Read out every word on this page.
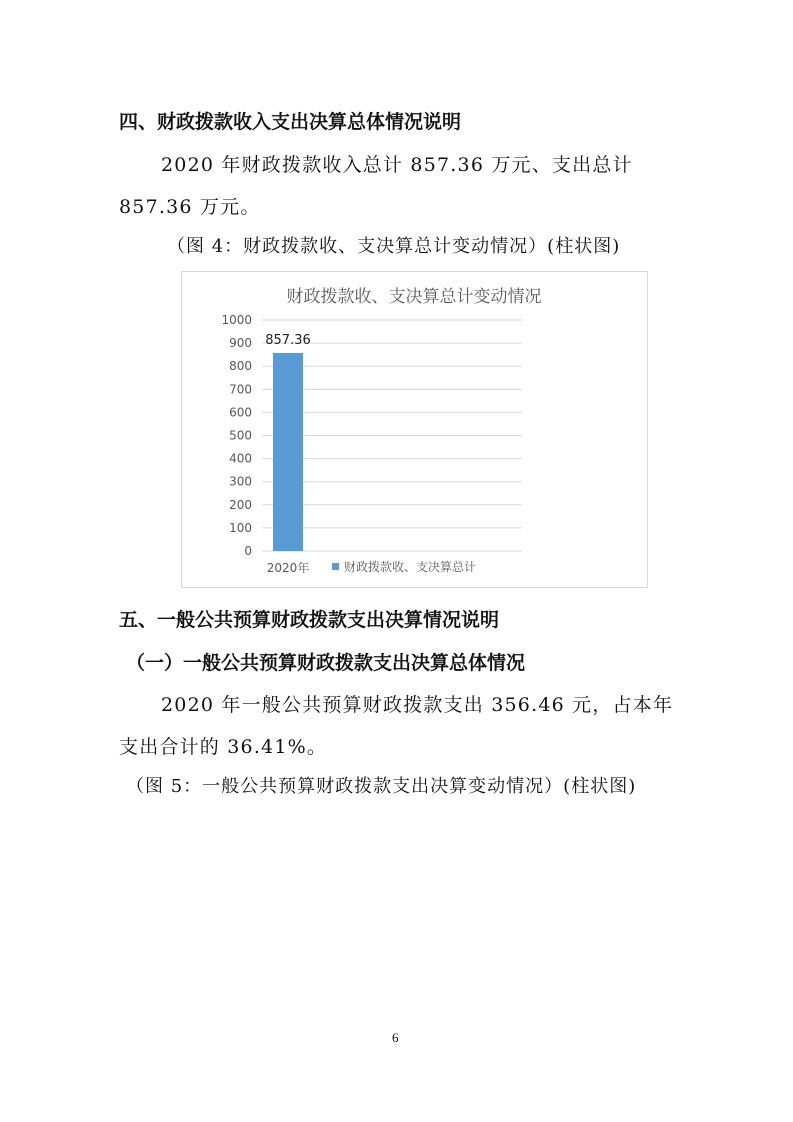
四、财政拨款收入支出决算总体情况说明
2020 年财政拨款收入总计 857.36 万元、支出总计
857.36 万元。
（图 4：财政拨款收、支决算总计变动情况）(柱状图)
财政拨款收、支决算总计变动情况
0
100
200
300
400
500
600
700
800
900
1000
857.36
2020年	财政拨款收、支决算总计
五、一般公共预算财政拨款支出决算情况说明
（一）一般公共预算财政拨款支出决算总体情况
2020 年一般公共预算财政拨款支出 356.46 元，占本年
支出合计的 36.41%。
（图 5：一般公共预算财政拨款支出决算变动情况）(柱状图)
6
